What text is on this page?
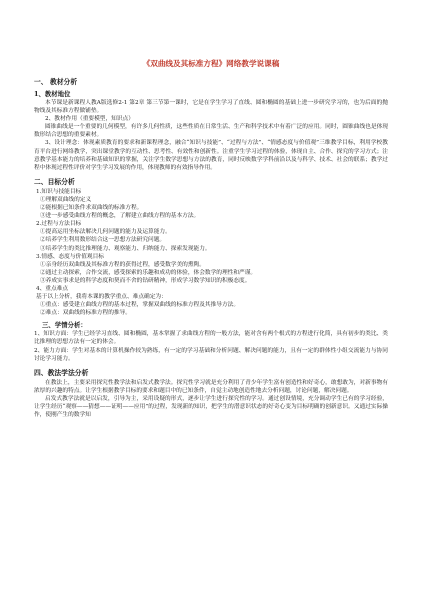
《双曲线及其标准方程》网络教学说课稿
一、 教材分析
1、教材地位

本节课是新课程人教A版选修2-1 第2章 第三节第一课时，它是在学生学习了直线、圆和椭圆的基础上进一步研究学习的，也为后面的抛物线及其标准方程做铺垫。

2、教材作用（重要模型，知识点）

圆锥曲线是一个重要的几何模型，有许多几何性质，这些性质在日常生活、生产和科学技术中有着广泛的应用。同时，圆锥曲线也是体现数形结合思想的重要素材。

3、设计理念：体现素质教育的要求和新课程理念，融合“知识与技能”、“过程与方法”、“情感态度与价值观”三维教学目标，利用学校教育平台进行网络教学，突出课堂教学的互动性、思考性、有效性和创新性。注重学生学习过程的体验，体现自主、合作、探究的学习方式；注意教学基本能力的培养和基础知识的掌握，关注学生数学思想与方法的教育，同时反映数学学科前沿以及与科学、技术、社会的联系；教学过程中体现过程性评价对学生学习发展的作用，体现教师的有效指导作用。

二、目标分析

1.知识与技能目标

①理解双曲线的定义

②能根据已知条件求双曲线的标准方程。

③进一步感受曲线方程的概念，了解建立曲线方程的基本方法。

2.过程与方法目标

①提高运用坐标法解决几何问题的能力及运算能力。

②培养学生利用数形结合这一思想方法研究问题。

③培养学生的类比推理能力、观察能力、归纳能力、探索发现能力。

3.情感、态度与价值观目标

①亲身经历双曲线及其标准方程的获得过程，感受数学美的熏陶。

②通过主动探索，合作交流，感受探索的乐趣和成功的体验，体会数学的理性和严谨。

③养成实事求是的科学态度和契而不舍的钻研精神，形成学习数学知识的积极态度。

4、重点难点

基于以上分析，我将本课的教学重点、难点确定为：

①重点：感受建立曲线方程的基本过程，掌握双曲线的标准方程及其推导方法。

②难点：双曲线的标准方程的推导。

三、学情分析：

1、知识方面：学生已经学习直线、圆和椭圆，基本掌握了求曲线方程的一般方法，能对含有两个根式的方程进行化简，具有初步的类比、类比推理的思想方法有一定的体会。

2、能力方面：学生对基本的计算机操作较为熟练，有一定的学习基础和分析问题、解决问题的能力，且有一定的群体性小组交流能力与协同讨论学习能力。

四、教法学法分析

在教法上，主要采用探究性教学法和启发式教学法。探究性学习就是充分利用了青少年学生富有创造性和好奇心，敢想敢为，对新事物有浓厚的兴趣的特点。让学生根据教学目标的要求和题目中的已知条件，自觉主动地创造性地去分析问题，讨论问题，解决问题。

启发式教学法就是以启发，引导为主，采用设疑的形式，逐步让学生进行探究性的学习。通过创设情境，充分调动学生已有的学习经验，让学生经历“观察——猜想——证明——应用”的过程，发现新的知识，把学生的潜意识状态的好奇心变为目标明确的创新意识。又通过实际操作，使刚产生的数学知
